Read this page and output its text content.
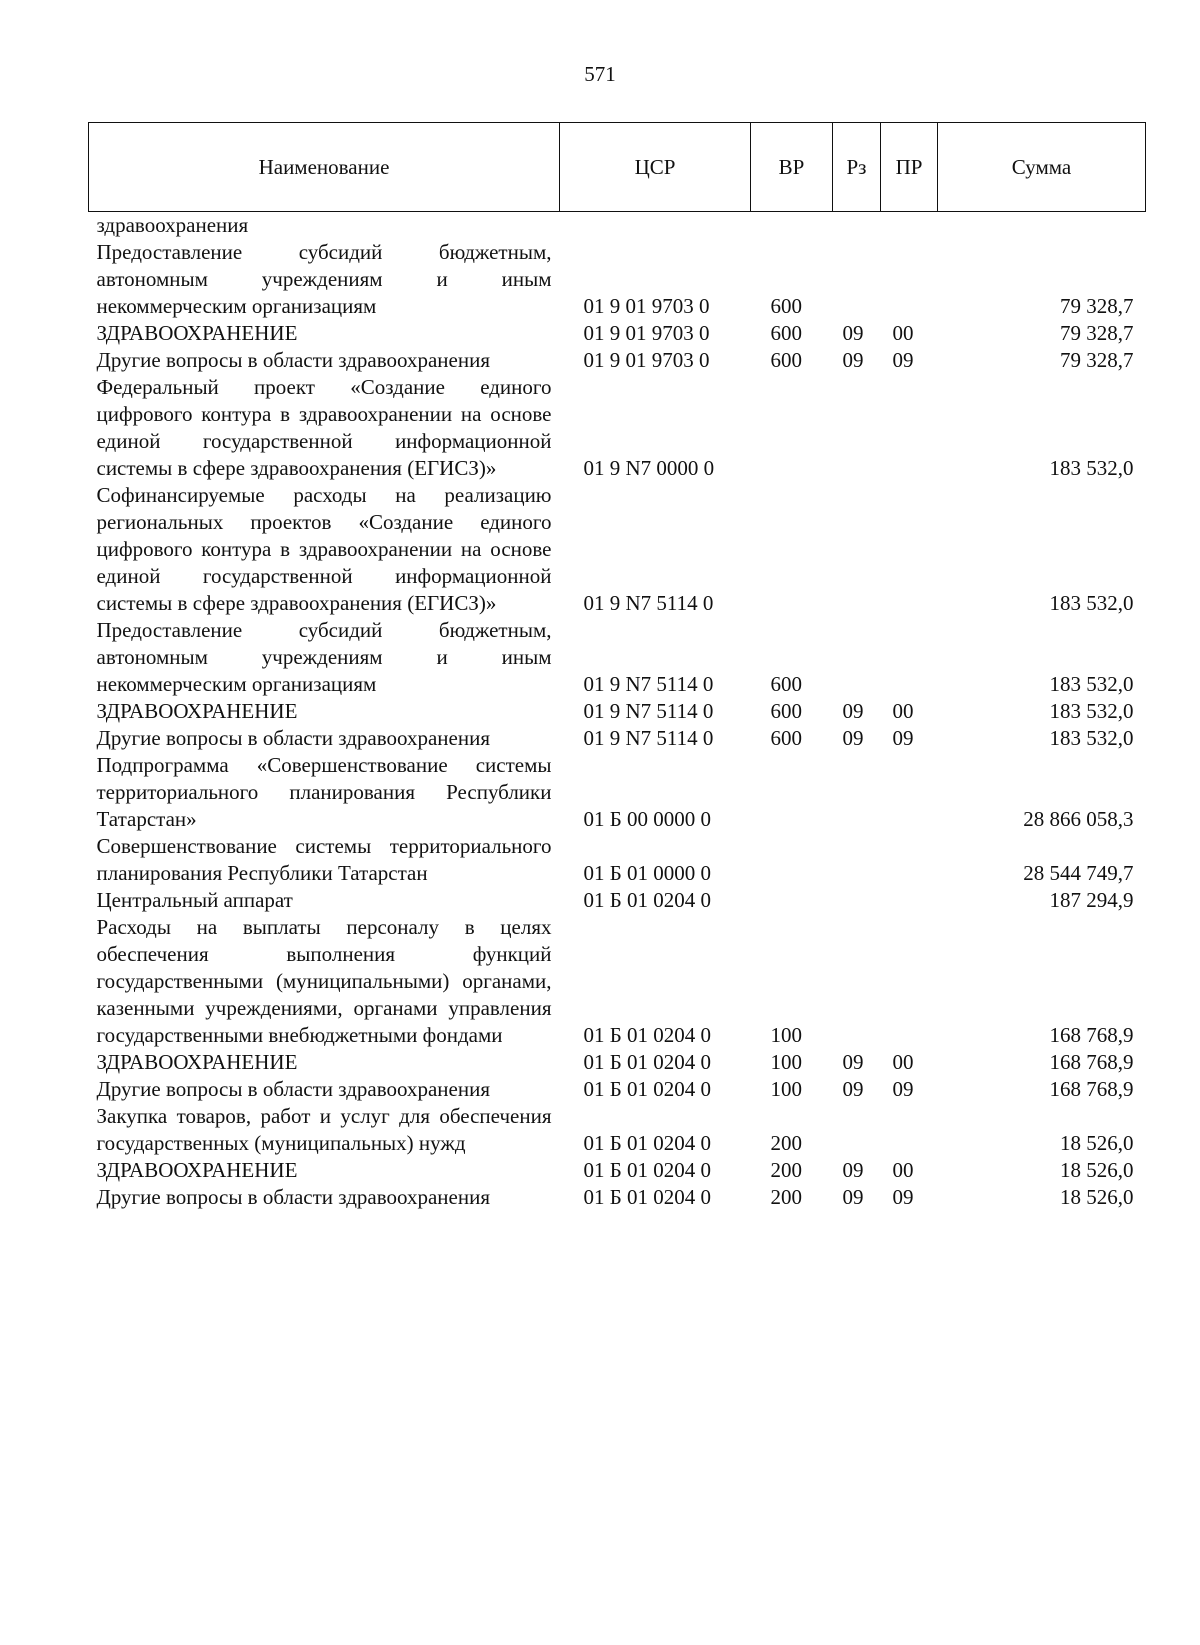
571
Наименование	ЦСР	ВР	Рз	ПР	Сумма
здравоохранения					
Предоставление субсидий бюджетным, автономным учреждениям и иным некоммерческим организациям	01 9 01 9703 0	600			79 328,7
ЗДРАВООХРАНЕНИЕ	01 9 01 9703 0	600	09	00	79 328,7
Другие вопросы в области здравоохранения	01 9 01 9703 0	600	09	09	79 328,7
Федеральный проект «Создание единого цифрового контура в здравоохранении на основе единой государственной информационной системы в сфере здравоохранения (ЕГИСЗ)»	01 9 N7 0000 0				183 532,0
Софинансируемые расходы на реализацию региональных проектов «Создание единого цифрового контура в здравоохранении на основе единой государственной информационной системы в сфере здравоохранения (ЕГИСЗ)»	01 9 N7 5114 0				183 532,0
Предоставление субсидий бюджетным, автономным учреждениям и иным некоммерческим организациям	01 9 N7 5114 0	600			183 532,0
ЗДРАВООХРАНЕНИЕ	01 9 N7 5114 0	600	09	00	183 532,0
Другие вопросы в области здравоохранения	01 9 N7 5114 0	600	09	09	183 532,0
Подпрограмма «Совершенствование системы территориального планирования Республики Татарстан»	01 Б 00 0000 0				28 866 058,3
Совершенствование системы территориального планирования Республики Татарстан	01 Б 01 0000 0				28 544 749,7
Центральный аппарат	01 Б 01 0204 0				187 294,9
Расходы на выплаты персоналу в целях обеспечения выполнения функций государственными (муниципальными) органами, казенными учреждениями, органами управления государственными внебюджетными фондами	01 Б 01 0204 0	100			168 768,9
ЗДРАВООХРАНЕНИЕ	01 Б 01 0204 0	100	09	00	168 768,9
Другие вопросы в области здравоохранения	01 Б 01 0204 0	100	09	09	168 768,9
Закупка товаров, работ и услуг для обеспечения государственных (муниципальных) нужд	01 Б 01 0204 0	200			18 526,0
ЗДРАВООХРАНЕНИЕ	01 Б 01 0204 0	200	09	00	18 526,0
Другие вопросы в области здравоохранения	01 Б 01 0204 0	200	09	09	18 526,0
